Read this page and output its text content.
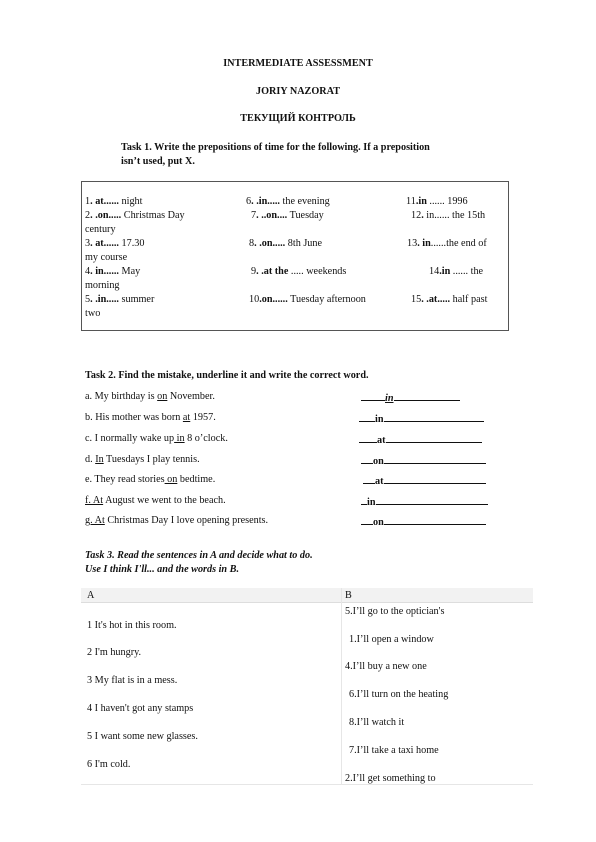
INTERMEDIATE ASSESSMENT
JORIY NAZORAT
ТЕКУЩИЙ КОНТРОЛЬ
Task 1. Write the prepositions of time for the following. If a preposition
isn’t used, put X.
1. at...... night
2. .on..... Christmas Day
century
3. at...... 17.30
my course
4. in...... May
morning
5. .in..... summer
two
6. .in..... the evening
7. ..on.... Tuesday
8. .on..... 8th June
9. .at the ..... weekends
10.on...... Tuesday afternoon
11.in ...... 1996
12. in...... the 15th
13. in......the end of
14.in ...... the
15. .at..... half past
Task 2. Find the mistake, underline it and write the correct word.
a. My birthday is on November.
b. His mother was born at 1957.
c. I normally wake up in 8 o’clock.
d. In Tuesdays I play tennis.
e. They read stories on bedtime.
f. At August we went to the beach.
g. At Christmas Day I love opening presents.
in
in
at
on
at
in
on
Task 3. Read the sentences in A and decide what to do.
Use I think I'll... and the words in B.
A	B
1 It's hot in this room.
2 I'm hungry.
3 My flat is in a mess.
4 I haven't got any stamps
5 I want some new glasses.
6 I'm cold.
5.I’ll go to the optician's
1.I’ll open a window
4.I’ll buy a new one
6.I’ll turn on the heating
8.I’ll watch it
7.I’ll take a taxi home
2.I’ll get something to
